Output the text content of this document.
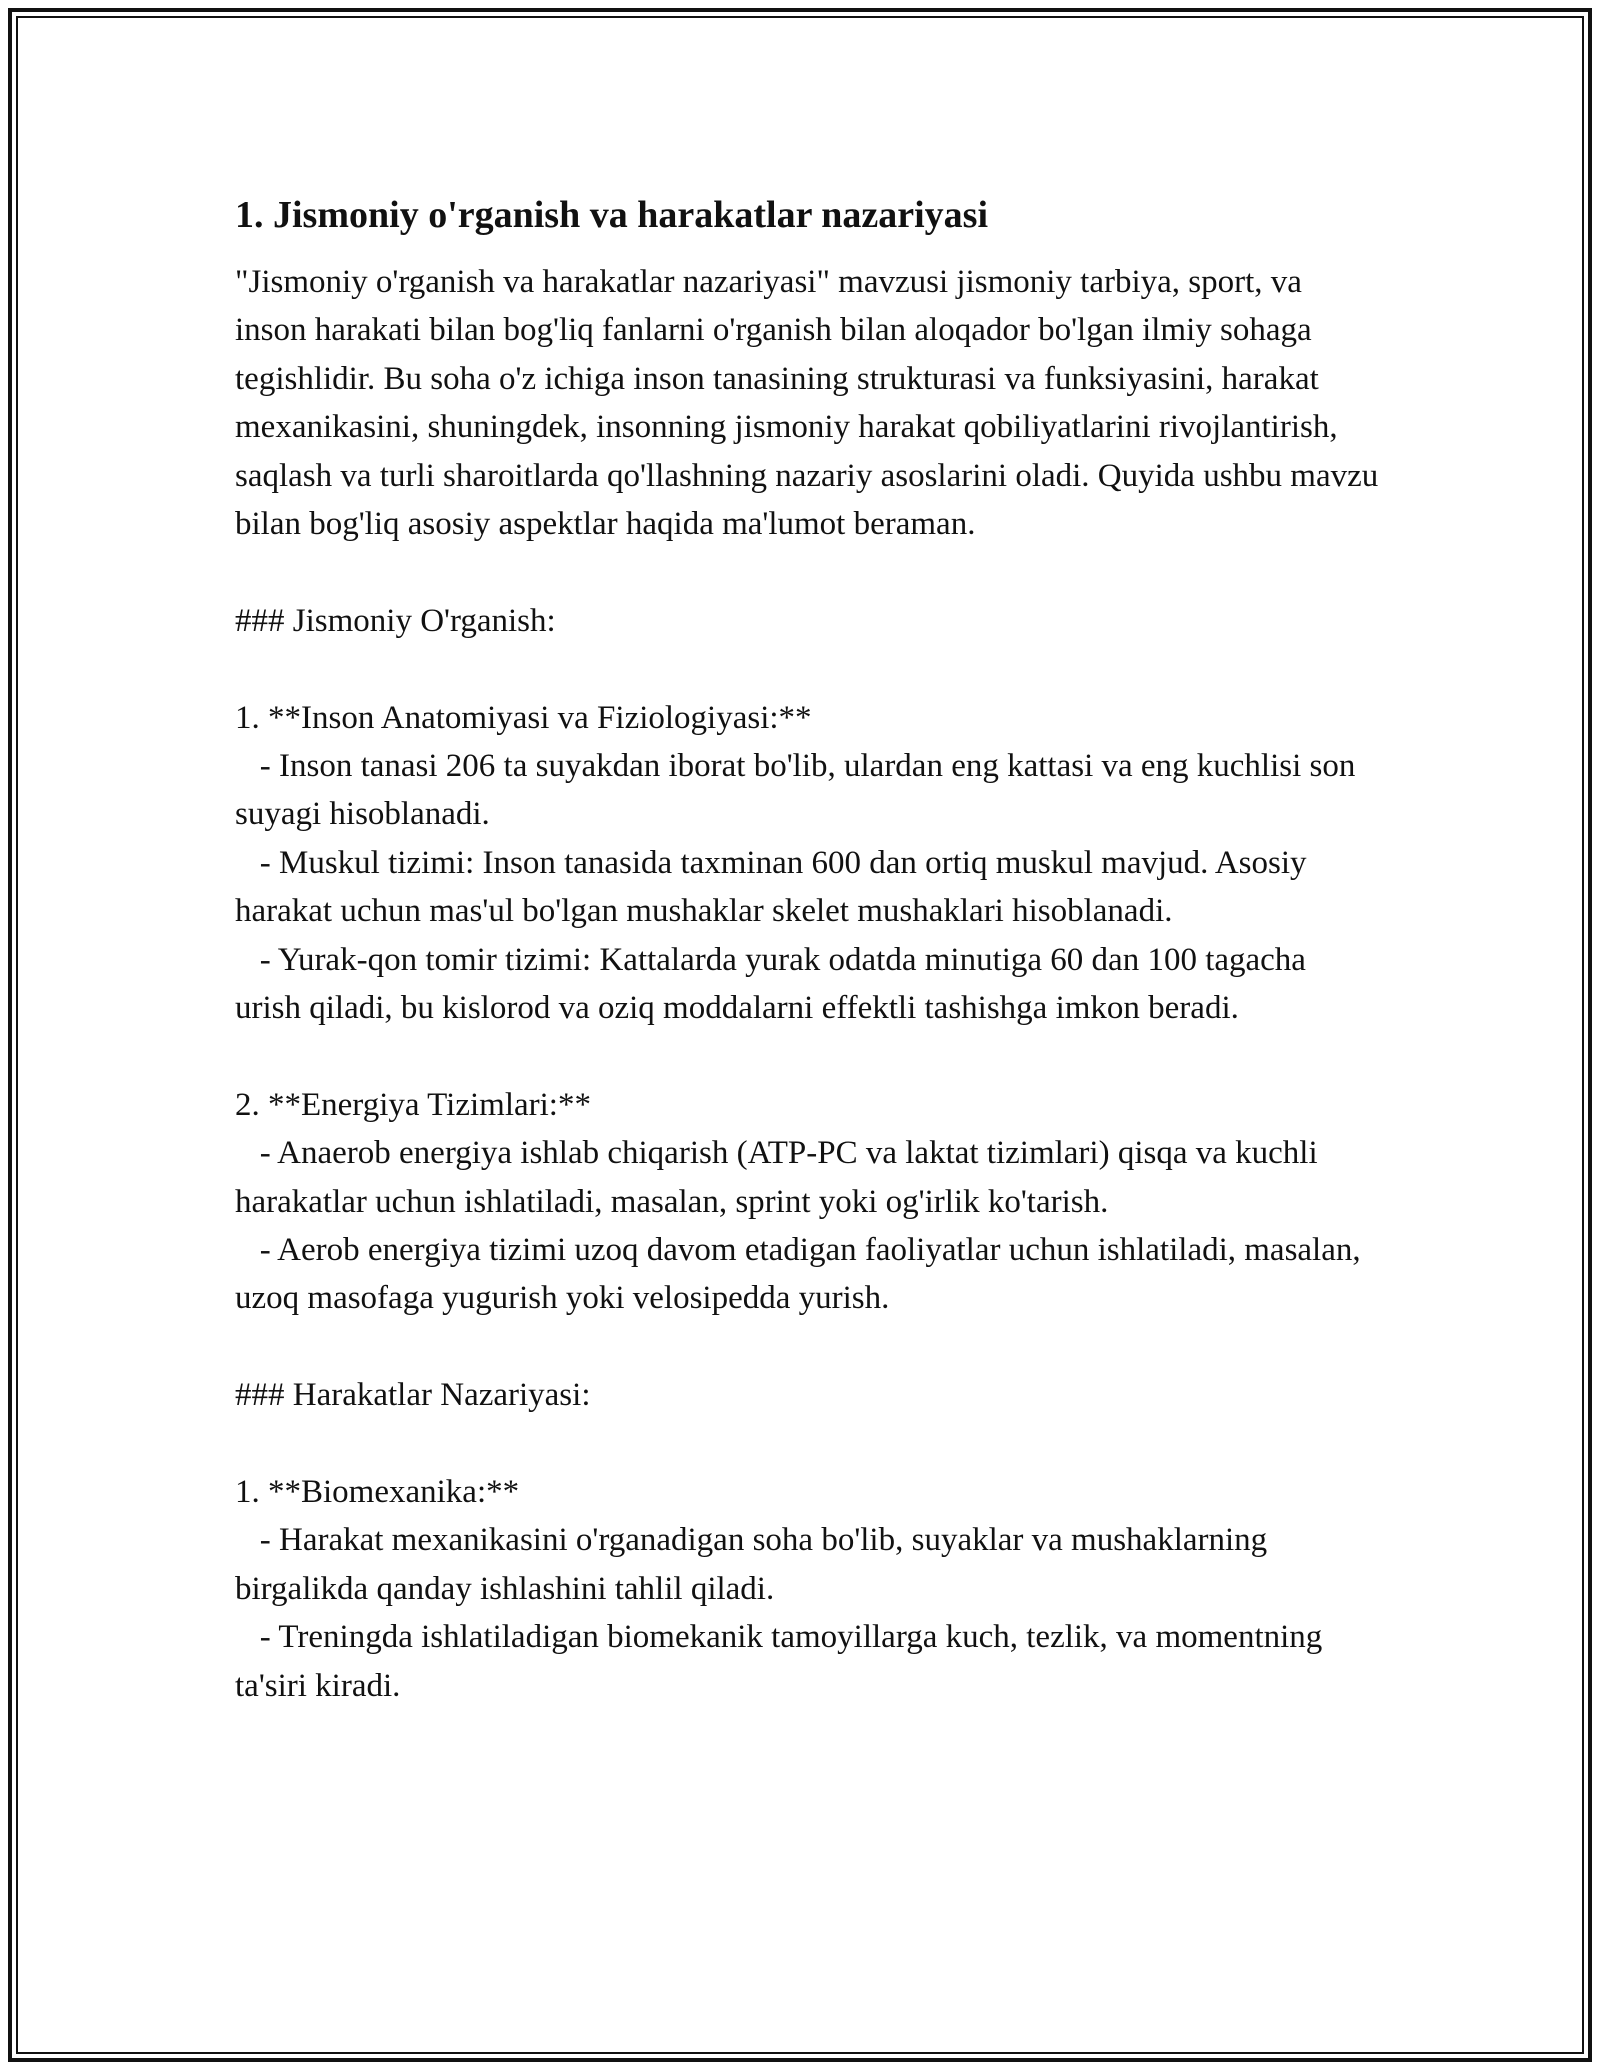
1. Jismoniy o'rganish va harakatlar nazariyasi

"Jismoniy o'rganish va harakatlar nazariyasi" mavzusi jismoniy tarbiya, sport, va inson harakati bilan bog'liq fanlarni o'rganish bilan aloqador bo'lgan ilmiy sohaga tegishlidir. Bu soha o'z ichiga inson tanasining strukturasi va funksiyasini, harakat mexanikasini, shuningdek, insonning jismoniy harakat qobiliyatlarini rivojlantirish, saqlash va turli sharoitlarda qo'llashning nazariy asoslarini oladi. Quyida ushbu mavzu bilan bog'liq asosiy aspektlar haqida ma'lumot beraman.

### Jismoniy O'rganish:

1. **Inson Anatomiyasi va Fiziologiyasi:**
- Inson tanasi 206 ta suyakdan iborat bo'lib, ulardan eng kattasi va eng kuchlisi son suyagi hisoblanadi.
- Muskul tizimi: Inson tanasida taxminan 600 dan ortiq muskul mavjud. Asosiy harakat uchun mas'ul bo'lgan mushaklar skelet mushaklari hisoblanadi.
- Yurak-qon tomir tizimi: Kattalarda yurak odatda minutiga 60 dan 100 tagacha urish qiladi, bu kislorod va oziq moddalarni effektli tashishga imkon beradi.

2. **Energiya Tizimlari:**
- Anaerob energiya ishlab chiqarish (ATP-PC va laktat tizimlari) qisqa va kuchli harakatlar uchun ishlatiladi, masalan, sprint yoki og'irlik ko'tarish.
- Aerob energiya tizimi uzoq davom etadigan faoliyatlar uchun ishlatiladi, masalan, uzoq masofaga yugurish yoki velosipedda yurish.

### Harakatlar Nazariyasi:

1. **Biomexanika:**
- Harakat mexanikasini o'rganadigan soha bo'lib, suyaklar va mushaklarning birgalikda qanday ishlashini tahlil qiladi.
- Treningda ishlatiladigan biomekanik tamoyillarga kuch, tezlik, va momentning ta'siri kiradi.
